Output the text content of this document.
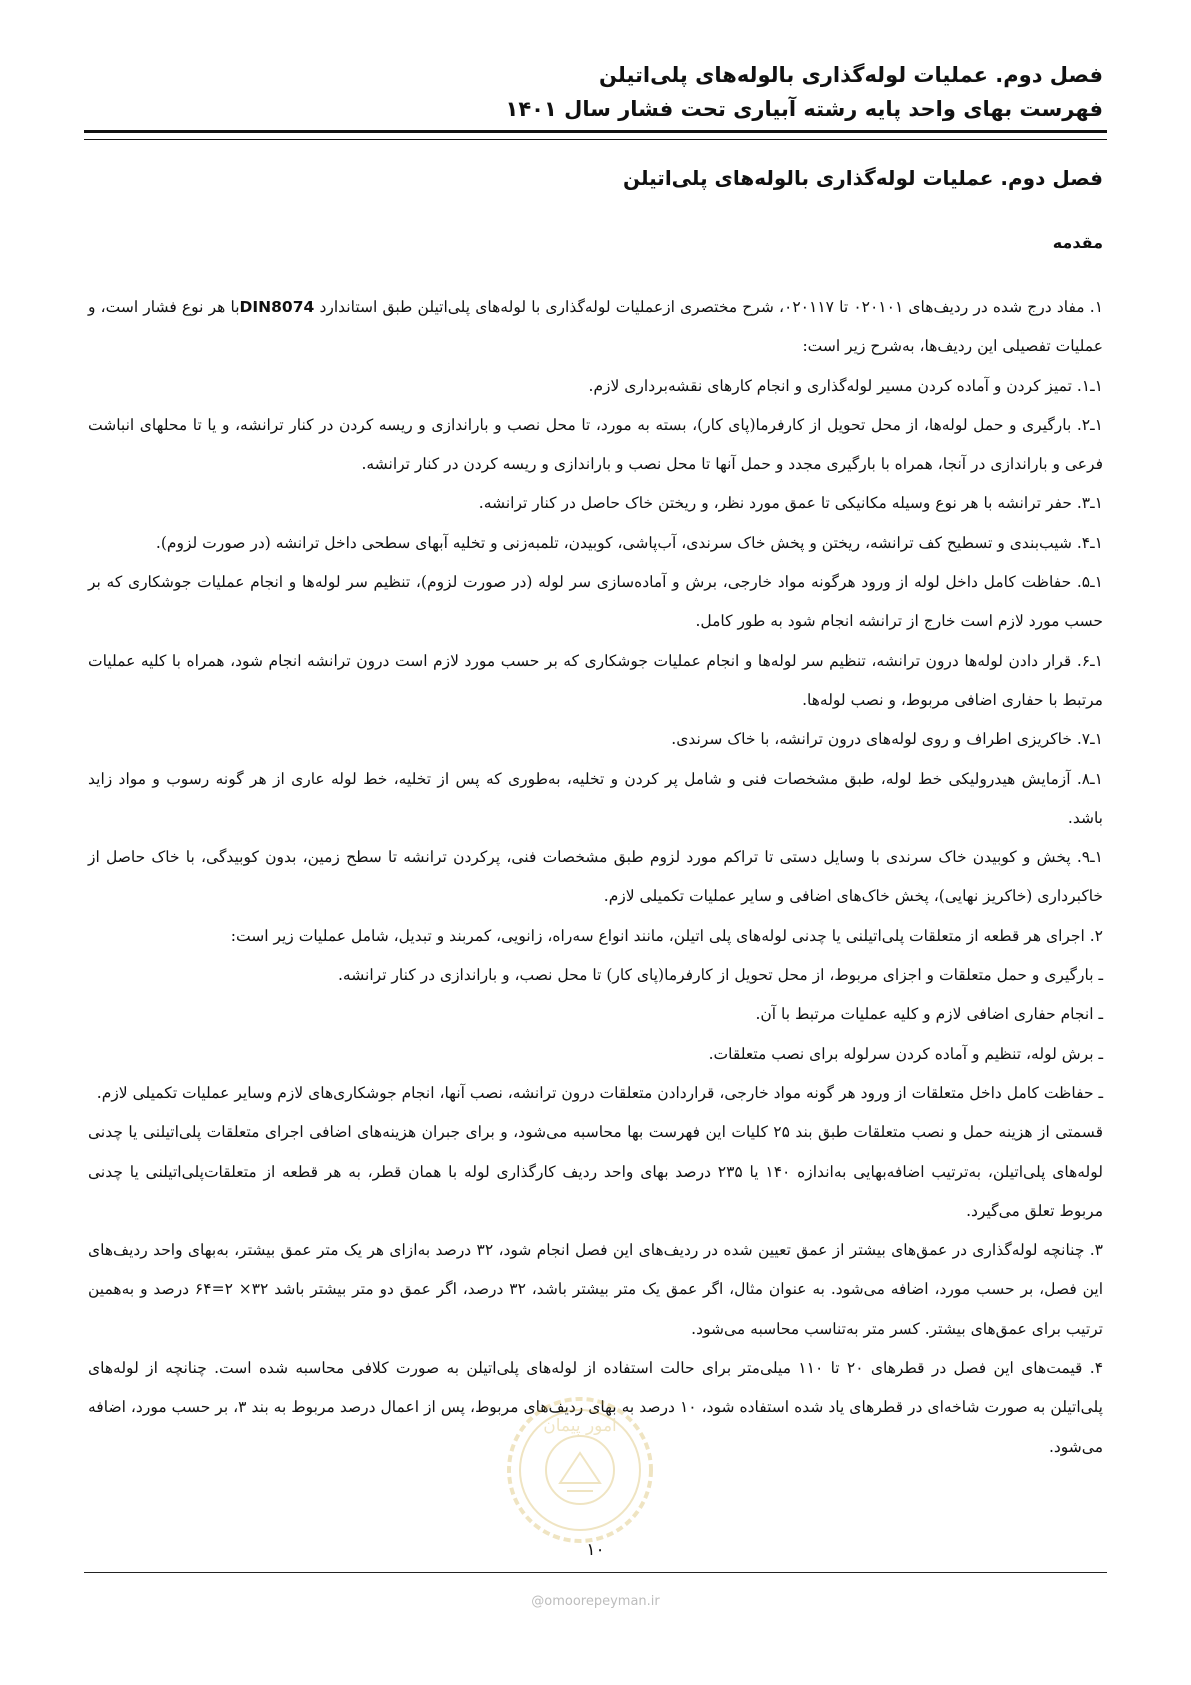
فصل دوم. عملیات لوله‌گذاری بالوله‌های پلی‌اتیلن
فهرست بهای واحد پایه رشته آبیاری تحت فشار سال ۱۴۰۱
فصل دوم. عملیات لوله‌گذاری بالوله‌های پلی‌اتیلن
مقدمه

۱. مفاد درج شده در ردیف‌های ۰۲۰۱۰۱ تا ۰۲۰۱۱۷، شرح مختصری ازعملیات لوله‌گذاری با لوله‌های پلی‌اتیلن طبق استاندارد DIN8074با هر نوع فشار است، و عملیات تفصیلی این ردیف‌ها، به‌شرح زیر است:

۱ـ۱. تمیز کردن و آماده کردن مسیر لوله‌گذاری و انجام کارهای نقشه‌برداری لازم.

۱ـ۲. بارگیری و حمل لوله‌ها، از محل تحویل از کارفرما(پای کار)، بسته به مورد، تا محل نصب و باراندازی و ریسه کردن در کنار ترانشه، و یا تا محلهای انباشت فرعی و باراندازی در آنجا، همراه با بارگیری مجدد و حمل آنها تا محل نصب و باراندازی و ریسه کردن در کنار ترانشه.

۱ـ۳. حفر ترانشه با هر نوع وسیله مکانیکی تا عمق مورد نظر، و ریختن خاک حاصل در کنار ترانشه.

۱ـ۴. شیب‌بندی و تسطیح کف ترانشه، ریختن و پخش خاک سرندی، آب‌پاشی، کوبیدن، تلمبه‌زنی و تخلیه آبهای سطحی داخل ترانشه (در صورت لزوم).

۱ـ۵. حفاظت کامل داخل لوله از ورود هرگونه مواد خارجی، برش و آماده‌سازی سر لوله (در صورت لزوم)، تنظیم سر لوله‌ها و انجام عملیات جوشکاری که بر حسب مورد لازم است خارج از ترانشه انجام شود به طور کامل.

۱ـ۶. قرار دادن لوله‌ها درون ترانشه، تنظیم سر لوله‌ها و انجام عملیات جوشکاری که بر حسب مورد لازم است درون ترانشه انجام شود، همراه با کلیه عملیات مرتبط با حفاری اضافی مربوط، و نصب لوله‌ها.

۱ـ۷. خاکریزی اطراف و روی لوله‌های درون ترانشه، با خاک سرندی.

۱ـ۸. آزمایش هیدرولیکی خط لوله، طبق مشخصات فنی و شامل پر کردن و تخلیه، به‌طوری که پس از تخلیه، خط لوله عاری از هر گونه رسوب و مواد زاید باشد.

۱ـ۹. پخش و کوبیدن خاک سرندی با وسایل دستی تا تراکم مورد لزوم طبق مشخصات فنی، پرکردن ترانشه تا سطح زمین، بدون کوبیدگی، با خاک حاصل از خاکبرداری (خاکریز نهایی)، پخش خاک‌های اضافی و سایر عملیات تکمیلی لازم.

۲. اجرای هر قطعه از متعلقات پلی‌اتیلنی یا چدنی لوله‌های پلی اتیلن، مانند انواع سه‌راه، زانویی، کمربند و تبدیل، شامل عملیات زیر است:

ـ بارگیری و حمل متعلقات و اجزای مربوط، از محل تحویل از کارفرما(پای کار) تا محل نصب، و باراندازی در کنار ترانشه.

ـ انجام حفاری اضافی لازم و کلیه عملیات مرتبط با آن.

ـ برش لوله، تنظیم و آماده کردن سرلوله برای نصب متعلقات.

ـ حفاظت کامل داخل متعلقات از ورود هر گونه مواد خارجی، قراردادن متعلقات درون ترانشه، نصب آنها، انجام جوشکاری‌های لازم وسایر عملیات تکمیلی لازم.

قسمتی از هزینه حمل و نصب متعلقات طبق بند ۲۵ کلیات این فهرست بها محاسبه می‌شود، و برای جبران هزینه‌های اضافی اجرای متعلقات پلی‌اتیلنی یا چدنی لوله‌های پلی‌اتیلن، به‌ترتیب اضافه‌بهایی به‌اندازه ۱۴۰ یا ۲۳۵ درصد بهای واحد ردیف کارگذاری لوله با همان قطر، به هر قطعه از متعلقات‌پلی‌اتیلنی یا چدنی مربوط تعلق می‌گیرد.

۳. چنانچه لوله‌گذاری در عمق‌های بیشتر از عمق تعیین شده در ردیف‌های این فصل انجام شود، ۳۲ درصد به‌ازای هر یک متر عمق بیشتر، به‌بهای واحد ردیف‌های این فصل، بر حسب مورد، اضافه می‌شود. به عنوان مثال، اگر عمق یک متر بیشتر باشد، ۳۲ درصد، اگر عمق دو متر بیشتر باشد ۳۲× ۲=۶۴ درصد و به‌همین ترتیب برای عمق‌های بیشتر. کسر متر به‌تناسب محاسبه می‌شود.

۴. قیمت‌های این فصل در قطرهای ۲۰ تا ۱۱۰ میلی‌متر برای حالت استفاده از لوله‌های پلی‌اتیلن به صورت کلافی محاسبه شده است. چنانچه از لوله‌های پلی‌اتیلن به صورت شاخه‌ای در قطرهای یاد شده استفاده شود، ۱۰ درصد به بهای ردیف‌های مربوط، پس از اعمال درصد مربوط به بند ۳، بر حسب مورد، اضافه می‌شود.

امور پیمان
۱۰
@omoorepeyman.ir
